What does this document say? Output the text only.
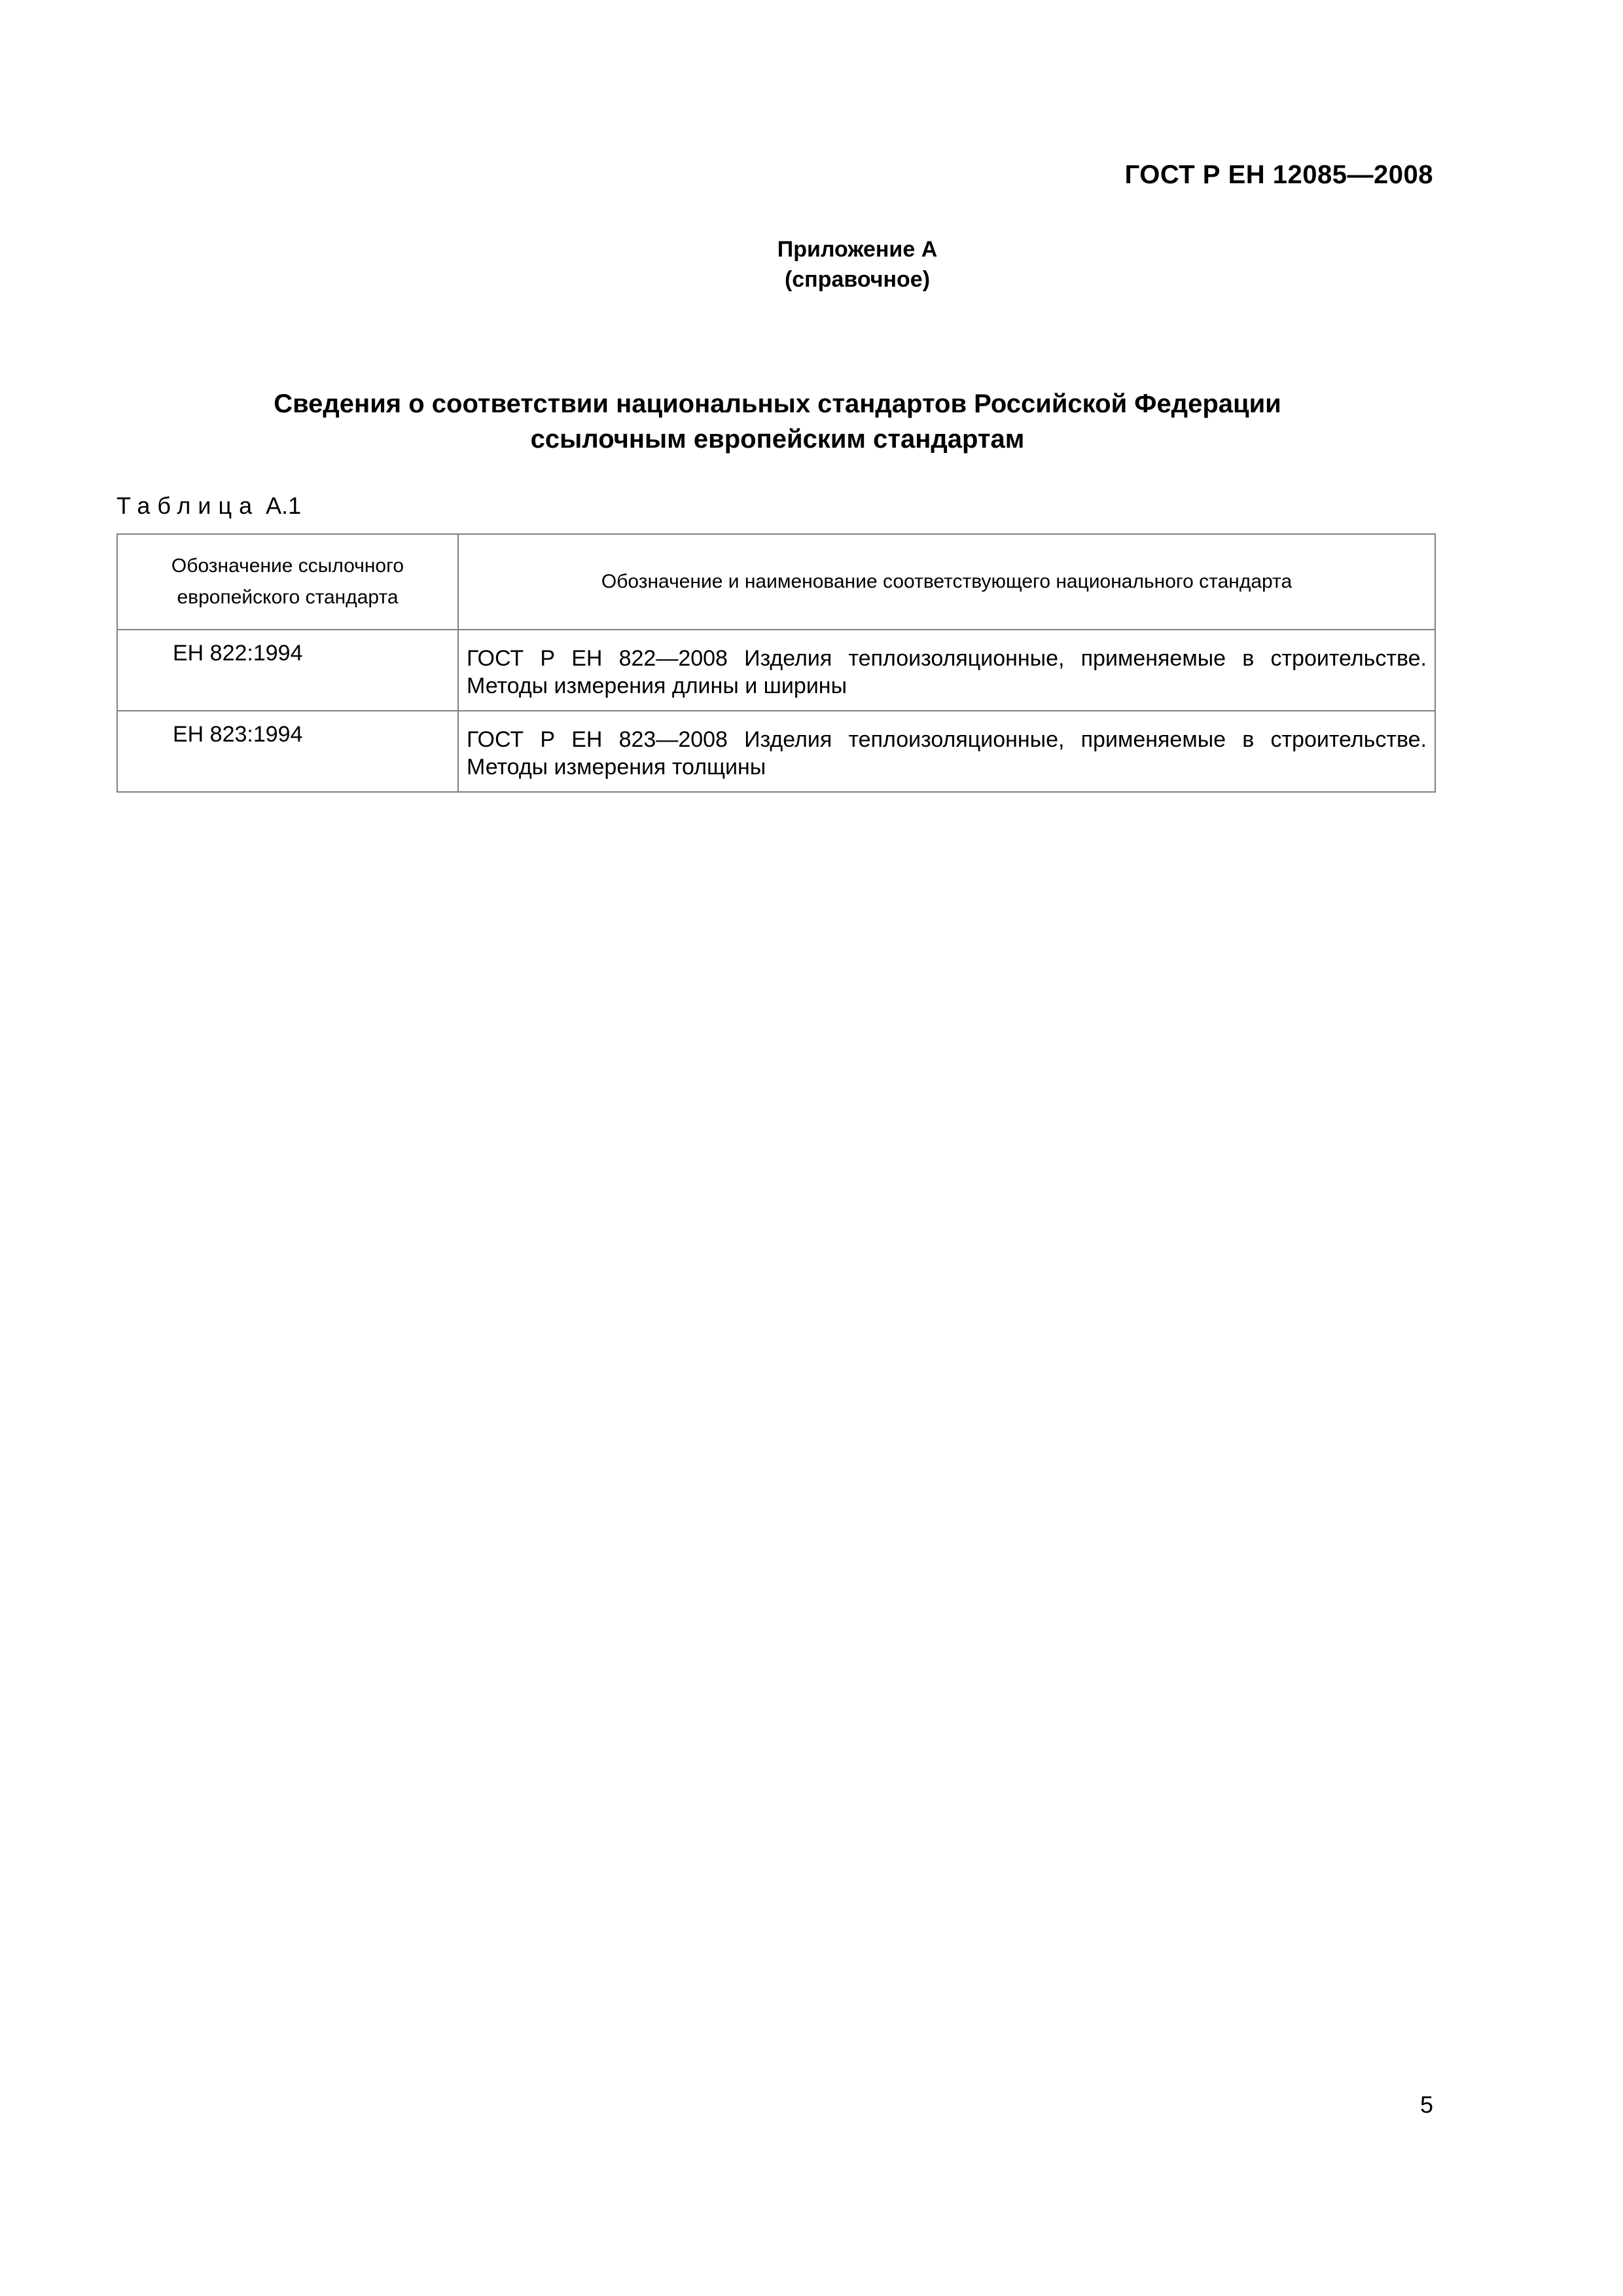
ГОСТ Р ЕН 12085—2008
Приложение А
(справочное)
Сведения о соответствии национальных стандартов Российской Федерации
ссылочным европейским стандартам
Таблица А.1
Обозначение ссылочного европейского стандарта	Обозначение и наименование соответствующего национального стандарта
ЕН 822:1994	ГОСТ Р ЕН 822—2008 Изделия теплоизоляционные, применяемые в строительстве. Методы измерения длины и ширины
ЕН 823:1994	ГОСТ Р ЕН 823—2008 Изделия теплоизоляционные, применяемые в строительстве. Методы измерения толщины
5
